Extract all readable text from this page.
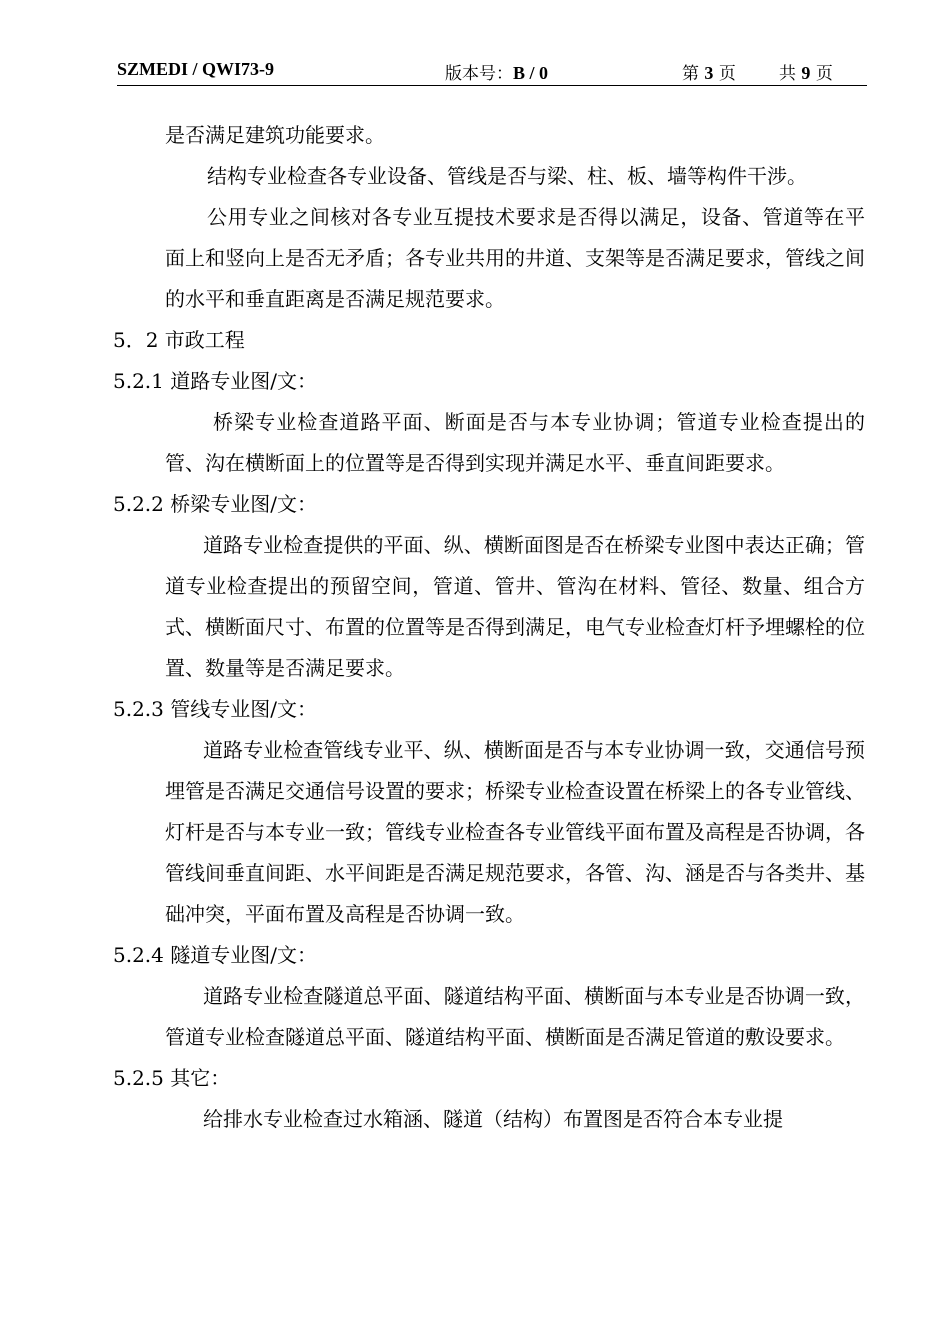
SZMEDI / QWI73-9	版本号：B / 0	第 3 页	共 9 页

是否满足建筑功能要求。

结构专业检查各专业设备、管线是否与梁、柱、板、墙等构件干涉。

公用专业之间核对各专业互提技术要求是否得以满足，设备、管道等在平面上和竖向上是否无矛盾；各专业共用的井道、支架等是否满足要求，管线之间的水平和垂直距离是否满足规范要求。

5．2 市政工程

5.2.1 道路专业图/文：

桥梁专业检查道路平面、断面是否与本专业协调；管道专业检查提出的管、沟在横断面上的位置等是否得到实现并满足水平、垂直间距要求。

5.2.2 桥梁专业图/文：

道路专业检查提供的平面、纵、横断面图是否在桥梁专业图中表达正确；管道专业检查提出的预留空间，管道、管井、管沟在材料、管径、数量、组合方式、横断面尺寸、布置的位置等是否得到满足，电气专业检查灯杆予埋螺栓的位置、数量等是否满足要求。

5.2.3 管线专业图/文：

道路专业检查管线专业平、纵、横断面是否与本专业协调一致，交通信号预埋管是否满足交通信号设置的要求；桥梁专业检查设置在桥梁上的各专业管线、灯杆是否与本专业一致；管线专业检查各专业管线平面布置及高程是否协调，各管线间垂直间距、水平间距是否满足规范要求，各管、沟、涵是否与各类井、基础冲突，平面布置及高程是否协调一致。

5.2.4 隧道专业图/文：

道路专业检查隧道总平面、隧道结构平面、横断面与本专业是否协调一致，管道专业检查隧道总平面、隧道结构平面、横断面是否满足管道的敷设要求。

5.2.5 其它：

给排水专业检查过水箱涵、隧道（结构）布置图是否符合本专业提
